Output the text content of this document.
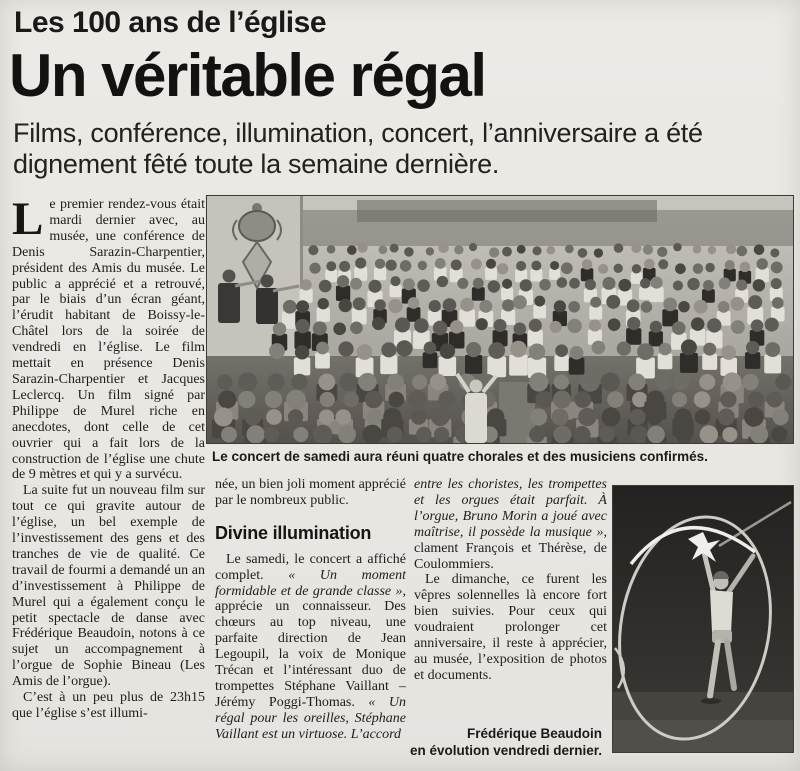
Les 100 ans de l’église
Un véritable régal
Films, conférence, illumination, concert, l’anniversaire a été
dignement fêté toute la semaine dernière.

Le premier rendez-vous était mardi dernier avec, au musée, une conférence de Denis Sarazin-Charpentier, président des Amis du musée. Le public a apprécié et a retrouvé, par le biais d’un écran géant, l’érudit habitant de Boissy-le-Châtel lors de la soirée de vendredi en l’église. Le film mettait en présence Denis Sarazin-Charpentier et Jacques Leclercq. Un film signé par Philippe de Murel riche en anecdotes, dont celle de cet ouvrier qui a fait lors de la construction de l’église une chute de 9 mètres et qui y a survécu.

La suite fut un nouveau film sur tout ce qui gravite autour de l’église, un bel exemple de l’investissement des gens et des tranches de vie de qualité. Ce travail de fourmi a demandé un an d’investissement à Philippe de Murel qui a également conçu le petit spectacle de danse avec Frédérique Beaudoin, notons à ce sujet un accompagnement à l’orgue de Sophie Bineau (Les Amis de l’orgue).

C’est à un peu plus de 23h15 que l’église s’est illumi-

Le concert de samedi aura réuni quatre chorales et des musiciens confirmés.

née, un bien joli moment apprécié par le nombreux public.

Divine illumination

Le samedi, le concert a affiché complet. « Un moment formidable et de grande classe », apprécie un connaisseur. Des chœurs au top niveau, une parfaite direction de Jean Legoupil, la voix de Monique Trécan et l’intéressant duo de trompettes Stéphane Vaillant – Jérémy Poggi-Thomas. « Un régal pour les oreilles, Stéphane Vaillant est un virtuose. L’accord

entre les choristes, les trompettes et les orgues était parfait. À l’orgue, Bruno Morin a joué avec maîtrise, il possède la musique », clament François et Thérèse, de Coulommiers.

Le dimanche, ce furent les vêpres solennelles là encore fort bien suivies. Pour ceux qui voudraient prolonger cet anniversaire, il reste à apprécier, au musée, l’exposition de photos et documents.

Frédérique Beaudoin
en évolution vendredi dernier.
